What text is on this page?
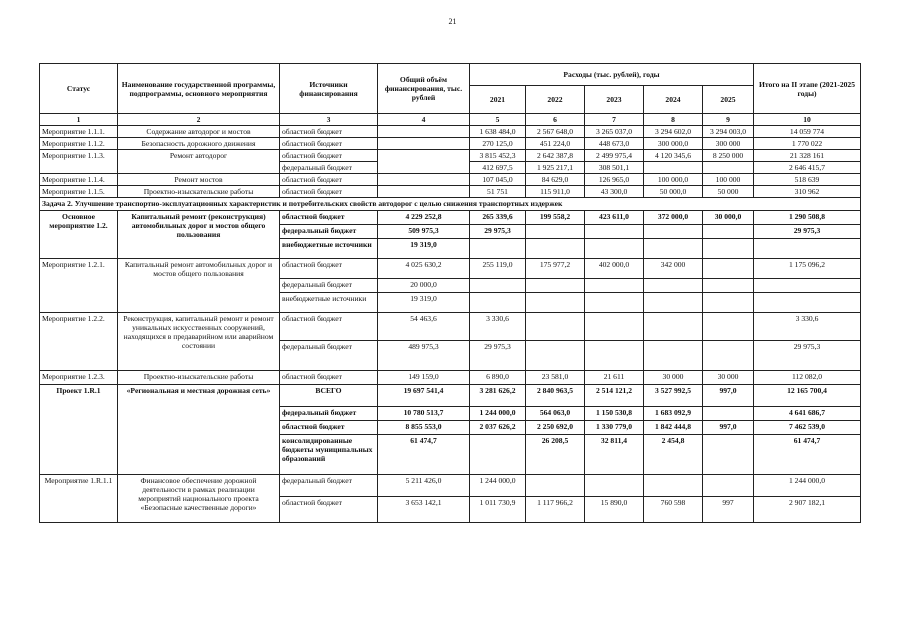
21
Статус	Наименование государственной программы, подпрограммы, основного мероприятия	Источники финансирования	Общий объём финансирования, тыс. рублей	Расходы (тыс. рублей), годы					Итого на II этапе (2021-2025 годы)
				2021	2022	2023	2024	2025	
1	2	3	4	5	6	7	8	9	10
Мероприятие 1.1.1.	Содержание автодорог и мостов	областной бюджет		1 638 484,0	2 567 648,0	3 265 037,0	3 294 602,0	3 294 003,0	14 059 774
Мероприятие 1.1.2.	Безопасность дорожного движения	областной бюджет		270 125,0	451 224,0	448 673,0	300 000,0	300 000	1 770 022
Мероприятие 1.1.3.	Ремонт автодорог	областной бюджет		3 815 452,3	2 642 387,8	2 499 975,4	4 120 345,6	8 250 000	21 328 161
		федеральный бюджет		412 697,5	1 925 217,1	308 501,1			2 646 415,7
Мероприятие 1.1.4.	Ремонт мостов	областной бюджет		107 045,0	84 629,0	126 965,0	100 000,0	100 000	518 639
Мероприятие 1.1.5.	Проектно-изыскательские работы	областной бюджет		51 751	115 911,0	43 300,0	50 000,0	50 000	310 962
Задача 2. Улучшение транспортно-эксплуатационных характеристик и потребительских свойств автодорог с целью снижения транспортных издержек									
Основное мероприятие 1.2.	Капитальный ремонт (реконструкция) автомобильных дорог и мостов общего пользования	областной бюджет	4 229 252,8	265 339,6	199 558,2	423 611,0	372 000,0	30 000,0	1 290 508,8
		федеральный бюджет	509 975,3	29 975,3					29 975,3
		внебюджетные источники	19 319,0						
Мероприятие 1.2.1.	Капитальный ремонт автомобильных дорог и мостов общего пользования	областной бюджет	4 025 630,2	255 119,0	175 977,2	402 000,0	342 000		1 175 096,2
		федеральный бюджет	20 000,0						
		внебюджетные источники	19 319,0						
Мероприятие 1.2.2.	Реконструкция, капитальный ремонт и ремонт уникальных искусственных сооружений, находящихся в предаварийном или аварийном состоянии	областной бюджет	54 463,6	3 330,6					3 330,6
		федеральный бюджет	489 975,3	29 975,3					29 975,3
Мероприятие 1.2.3.	Проектно-изыскательские работы	областной бюджет	149 159,0	6 890,0	23 581,0	21 611	30 000	30 000	112 082,0
Проект 1.R.1	«Региональная и местная дорожная сеть»	ВСЕГО	19 697 541,4	3 281 626,2	2 840 963,5	2 514 121,2	3 527 992,5	997,0	12 165 700,4
		федеральный бюджет	10 780 513,7	1 244 000,0	564 063,0	1 150 530,8	1 683 092,9		4 641 686,7
		областной бюджет	8 855 553,0	2 037 626,2	2 250 692,0	1 330 779,0	1 842 444,8	997,0	7 462 539,0
		консолидированные бюджеты муниципальных образований	61 474,7		26 208,5	32 811,4	2 454,8		61 474,7
Мероприятие 1.R.1.1	Финансовое обеспечение дорожной деятельности в рамках реализации мероприятий национального проекта «Безопасные качественные дороги»	федеральный бюджет	5 211 426,0	1 244 000,0					1 244 000,0
		областной бюджет	3 653 142,1	1 011 730,9	1 117 966,2	15 890,0	760 598	997	2 907 182,1
